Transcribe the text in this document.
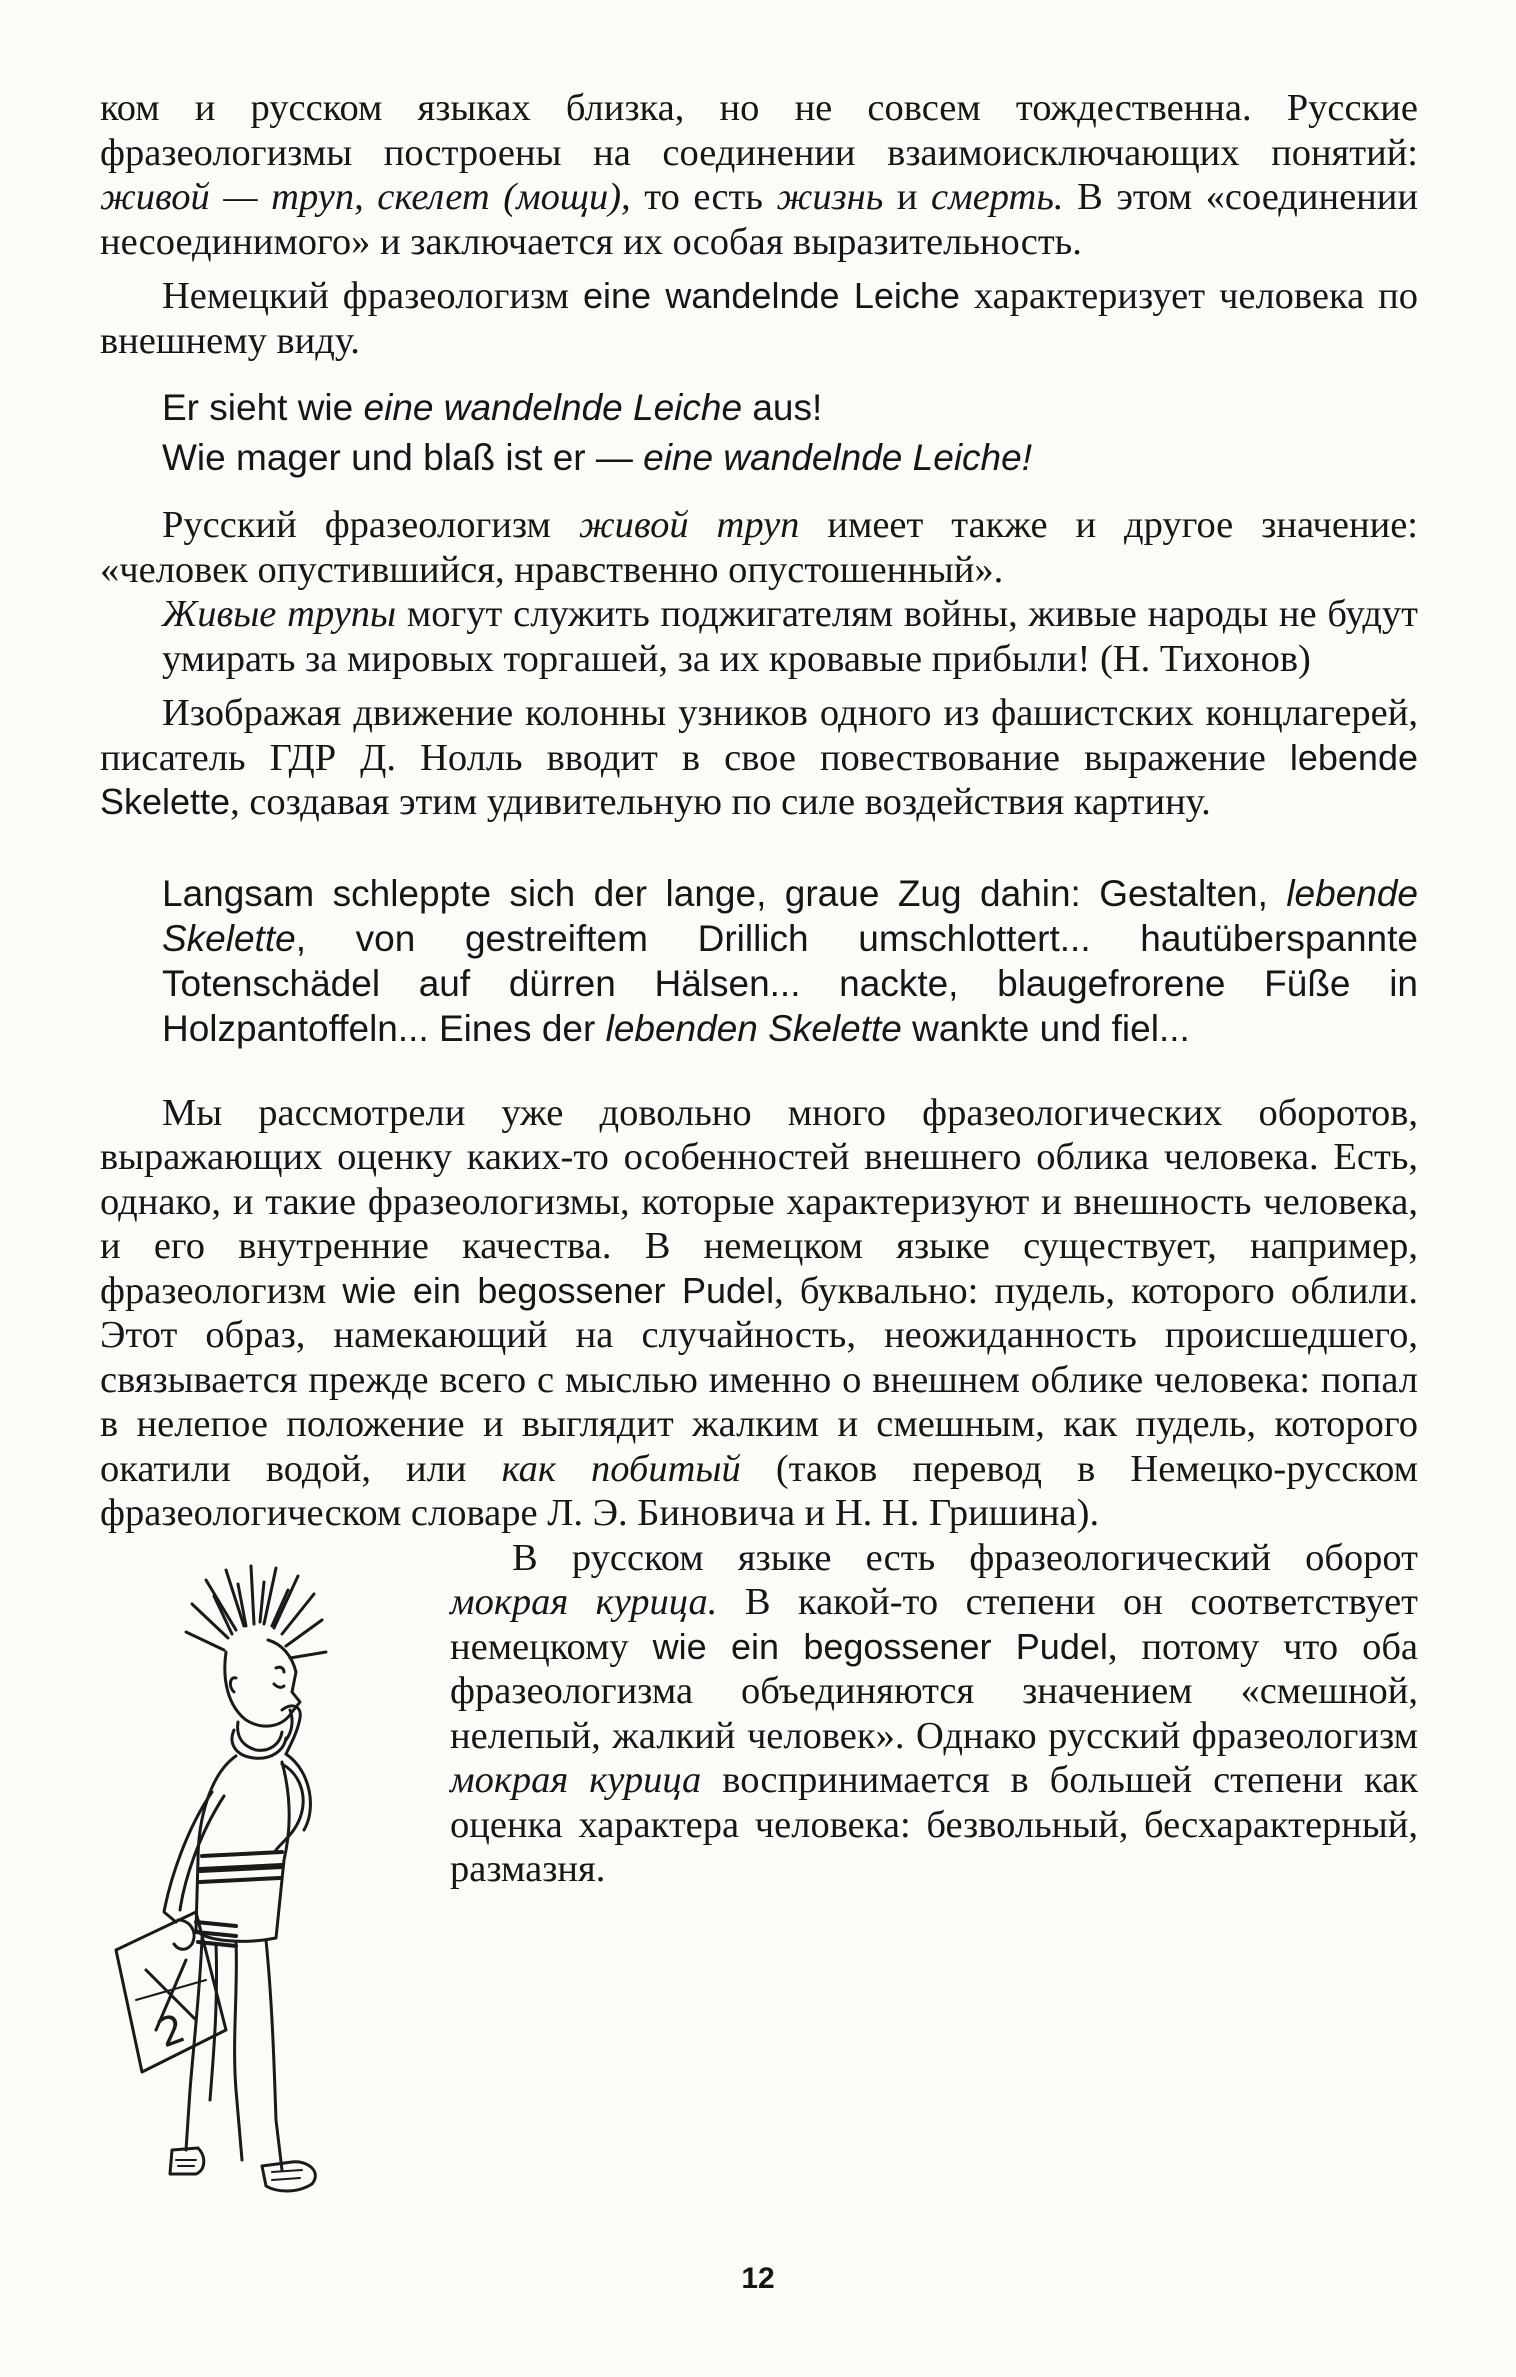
ком и русском языках близка, но не совсем тождественна. Русские фразеологизмы построены на соединении взаимоисключающих понятий: живой — труп, скелет (мощи), то есть жизнь и смерть. В этом «соединении несоединимого» и заключается их особая выразительность.

Немецкий фразеологизм eine wandelnde Leiche характеризует человека по внешнему виду.

Er sieht wie eine wandelnde Leiche aus!

Wie mager und blaß ist er — eine wandelnde Leiche!

Русский фразеологизм живой труп имеет также и другое значение: «человек опустившийся, нравственно опустошенный».

Живые трупы могут служить поджигателям войны, живые народы не будут умирать за мировых торгашей, за их кровавые прибыли! (Н. Тихонов)

Изображая движение колонны узников одного из фашистских концлагерей, писатель ГДР Д. Нолль вводит в свое повествование выражение lebende Skelette, создавая этим удивительную по силе воздействия картину.

Langsam schleppte sich der lange, graue Zug dahin: Gestalten, lebende Skelette, von gestreiftem Drillich umschlottert... hautüberspannte Totenschädel auf dürren Hälsen... nackte, blaugefrorene Füße in Holzpantoffeln... Eines der lebenden Skelette wankte und fiel...

Мы рассмотрели уже довольно много фразеологических оборотов, выражающих оценку каких-то особенностей внешнего облика человека. Есть, однако, и такие фразеологизмы, которые характеризуют и внешность человека, и его внутренние качества. В немецком языке существует, например, фразеологизм wie ein begossener Pudel, буквально: пудель, которого облили. Этот образ, намекающий на случайность, неожиданность происшедшего, связывается прежде всего с мыслью именно о внешнем облике человека: попал в нелепое положение и выглядит жалким и смешным, как пудель, которого окатили водой, или как побитый (таков перевод в Немецко-русском фразеологическом словаре Л. Э. Биновича и Н. Н. Гришина).

2

В русском языке есть фразеологический оборот мокрая курица. В какой-то степени он соответствует немецкому wie ein begossener Pudel, потому что оба фразеологизма объединяются значением «смешной, нелепый, жалкий человек». Однако русский фразеологизм мокрая курица воспринимается в большей степени как оценка характера человека: безвольный, бесхарактерный, размазня.

12
